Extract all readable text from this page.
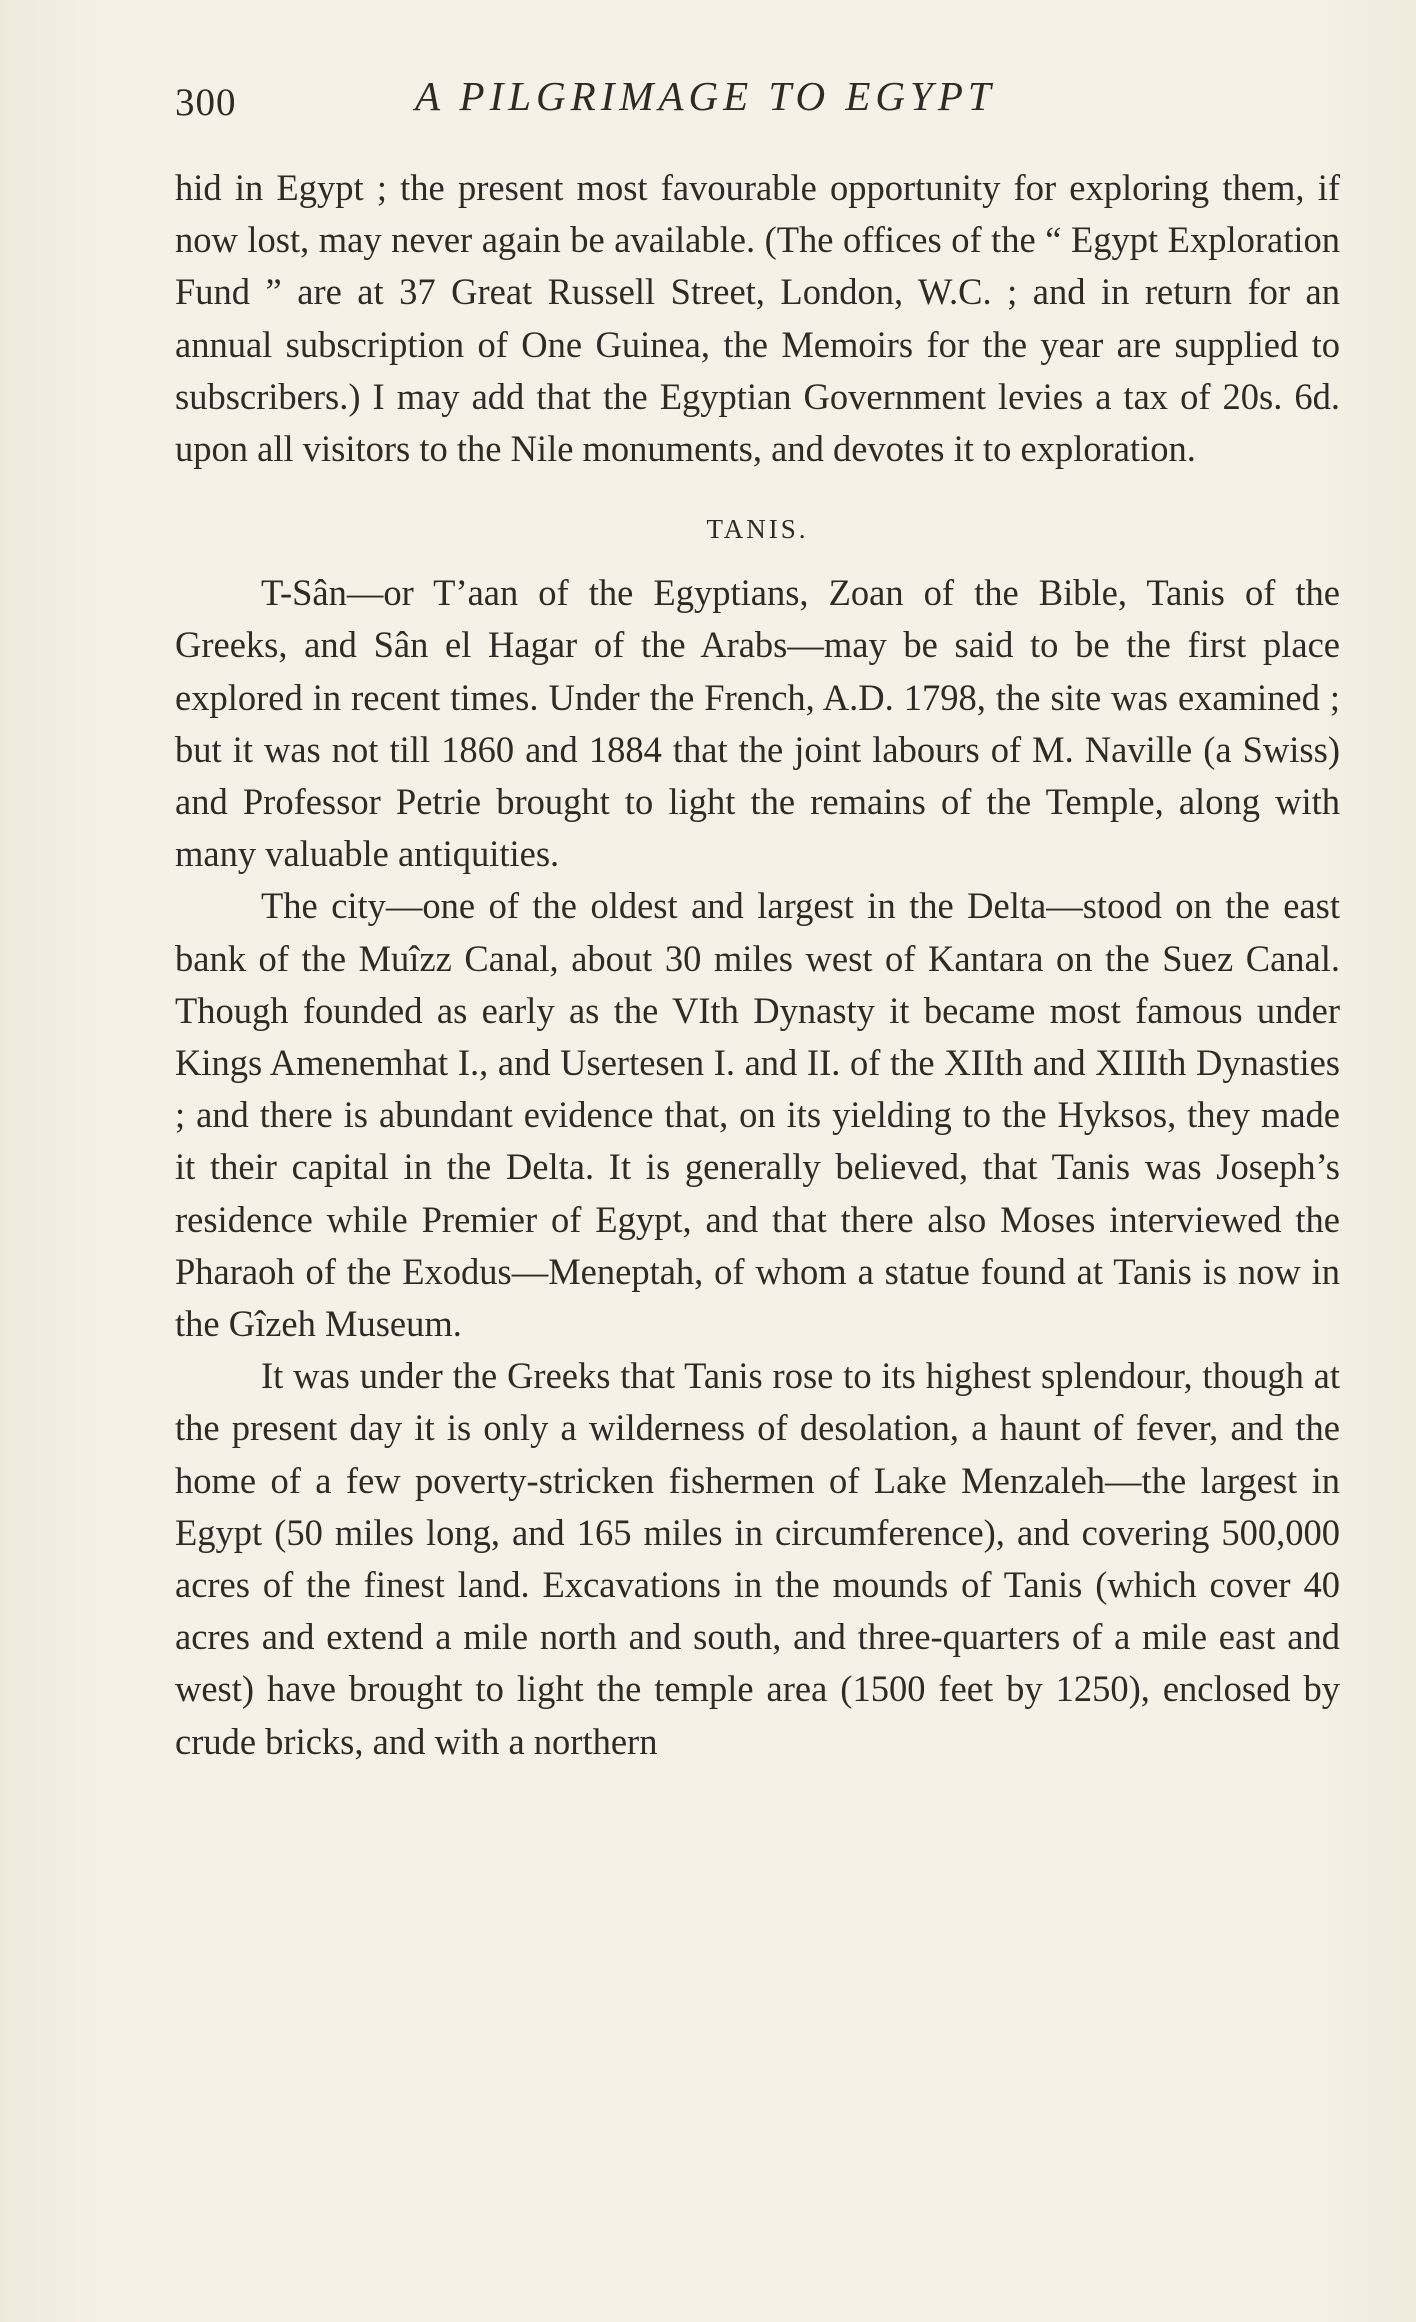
300	A PILGRIMAGE TO EGYPT

hid in Egypt ; the present most favourable opportunity for exploring them, if now lost, may never again be available. (The offices of the “ Egypt Exploration Fund ” are at 37 Great Russell Street, London, W.C. ; and in return for an annual subscription of One Guinea, the Memoirs for the year are supplied to subscribers.) I may add that the Egyptian Government levies a tax of 20s. 6d. upon all visitors to the Nile monuments, and devotes it to exploration.

TANIS.

T-Sân—or T’aan of the Egyptians, Zoan of the Bible, Tanis of the Greeks, and Sân el Hagar of the Arabs—may be said to be the first place explored in recent times. Under the French, A.D. 1798, the site was examined ; but it was not till 1860 and 1884 that the joint labours of M. Naville (a Swiss) and Professor Petrie brought to light the remains of the Temple, along with many valuable antiquities.

The city—one of the oldest and largest in the Delta—stood on the east bank of the Muîzz Canal, about 30 miles west of Kantara on the Suez Canal. Though founded as early as the VIth Dynasty it became most famous under Kings Amenemhat I., and Usertesen I. and II. of the XIIth and XIIIth Dynasties ; and there is abundant evidence that, on its yielding to the Hyksos, they made it their capital in the Delta. It is generally believed, that Tanis was Joseph’s residence while Premier of Egypt, and that there also Moses interviewed the Pharaoh of the Exodus—Meneptah, of whom a statue found at Tanis is now in the Gîzeh Museum.

It was under the Greeks that Tanis rose to its highest splendour, though at the present day it is only a wilderness of desolation, a haunt of fever, and the home of a few poverty-stricken fishermen of Lake Menzaleh—the largest in Egypt (50 miles long, and 165 miles in circumference), and covering 500,000 acres of the finest land. Excavations in the mounds of Tanis (which cover 40 acres and extend a mile north and south, and three-quarters of a mile east and west) have brought to light the temple area (1500 feet by 1250), enclosed by crude bricks, and with a northern
